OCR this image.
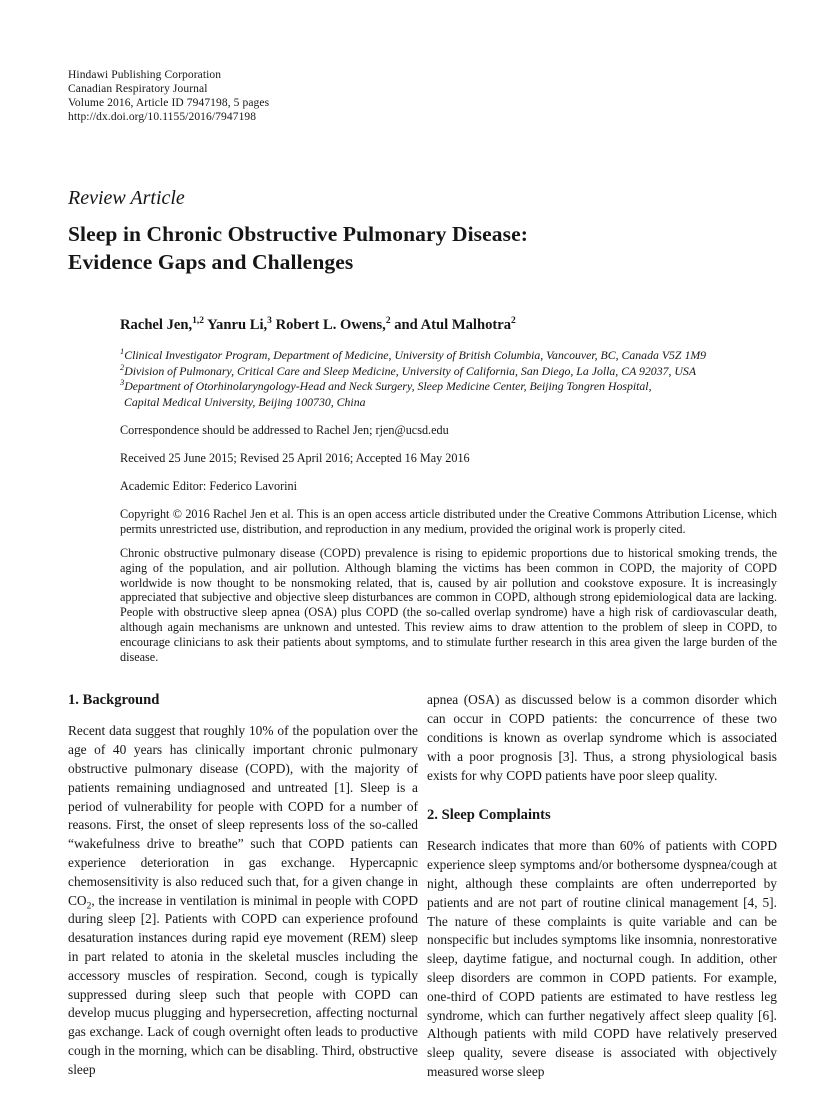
Hindawi Publishing Corporation
Canadian Respiratory Journal
Volume 2016, Article ID 7947198, 5 pages
http://dx.doi.org/10.1155/2016/7947198
Review Article
Sleep in Chronic Obstructive Pulmonary Disease:
Evidence Gaps and Challenges
Rachel Jen,$^{1,2}$ Yanru Li,$^3$ Robert L. Owens,$^2$ and Atul Malhotra$^2$
$^1$Clinical Investigator Program, Department of Medicine, University of British Columbia, Vancouver, BC, Canada V5Z 1M9
$^2$Division of Pulmonary, Critical Care and Sleep Medicine, University of California, San Diego, La Jolla, CA 92037, USA
$^3$Department of Otorhinolaryngology-Head and Neck Surgery, Sleep Medicine Center, Beijing Tongren Hospital,
Capital Medical University, Beijing 100730, China
Correspondence should be addressed to Rachel Jen; rjen@ucsd.edu
Received 25 June 2015; Revised 25 April 2016; Accepted 16 May 2016
Academic Editor: Federico Lavorini
Copyright © 2016 Rachel Jen et al. This is an open access article distributed under the Creative Commons Attribution License, which permits unrestricted use, distribution, and reproduction in any medium, provided the original work is properly cited.
Chronic obstructive pulmonary disease (COPD) prevalence is rising to epidemic proportions due to historical smoking trends, the aging of the population, and air pollution. Although blaming the victims has been common in COPD, the majority of COPD worldwide is now thought to be nonsmoking related, that is, caused by air pollution and cookstove exposure. It is increasingly appreciated that subjective and objective sleep disturbances are common in COPD, although strong epidemiological data are lacking. People with obstructive sleep apnea (OSA) plus COPD (the so-called overlap syndrome) have a high risk of cardiovascular death, although again mechanisms are unknown and untested. This review aims to draw attention to the problem of sleep in COPD, to encourage clinicians to ask their patients about symptoms, and to stimulate further research in this area given the large burden of the disease.
1. Background

Recent data suggest that roughly 10% of the population over the age of 40 years has clinically important chronic pulmonary obstructive pulmonary disease (COPD), with the majority of patients remaining undiagnosed and untreated [1]. Sleep is a period of vulnerability for people with COPD for a number of reasons. First, the onset of sleep represents loss of the so-called “wakefulness drive to breathe” such that COPD patients can experience deterioration in gas exchange. Hypercapnic chemosensitivity is also reduced such that, for a given change in $CO_2$, the increase in ventilation is minimal in people with COPD during sleep [2]. Patients with COPD can experience profound desaturation instances during rapid eye movement (REM) sleep in part related to atonia in the skeletal muscles including the accessory muscles of respiration. Second, cough is typically suppressed during sleep such that people with COPD can develop mucus plugging and hypersecretion, affecting nocturnal gas exchange. Lack of cough overnight often leads to productive cough in the morning, which can be disabling. Third, obstructive sleep

apnea (OSA) as discussed below is a common disorder which can occur in COPD patients: the concurrence of these two conditions is known as overlap syndrome which is associated with a poor prognosis [3]. Thus, a strong physiological basis exists for why COPD patients have poor sleep quality.

2. Sleep Complaints

Research indicates that more than 60% of patients with COPD experience sleep symptoms and/or bothersome dyspnea/cough at night, although these complaints are often underreported by patients and are not part of routine clinical management [4, 5]. The nature of these complaints is quite variable and can be nonspecific but includes symptoms like insomnia, nonrestorative sleep, daytime fatigue, and nocturnal cough. In addition, other sleep disorders are common in COPD patients. For example, one-third of COPD patients are estimated to have restless leg syndrome, which can further negatively affect sleep quality [6]. Although patients with mild COPD have relatively preserved sleep quality, severe disease is associated with objectively measured worse sleep
